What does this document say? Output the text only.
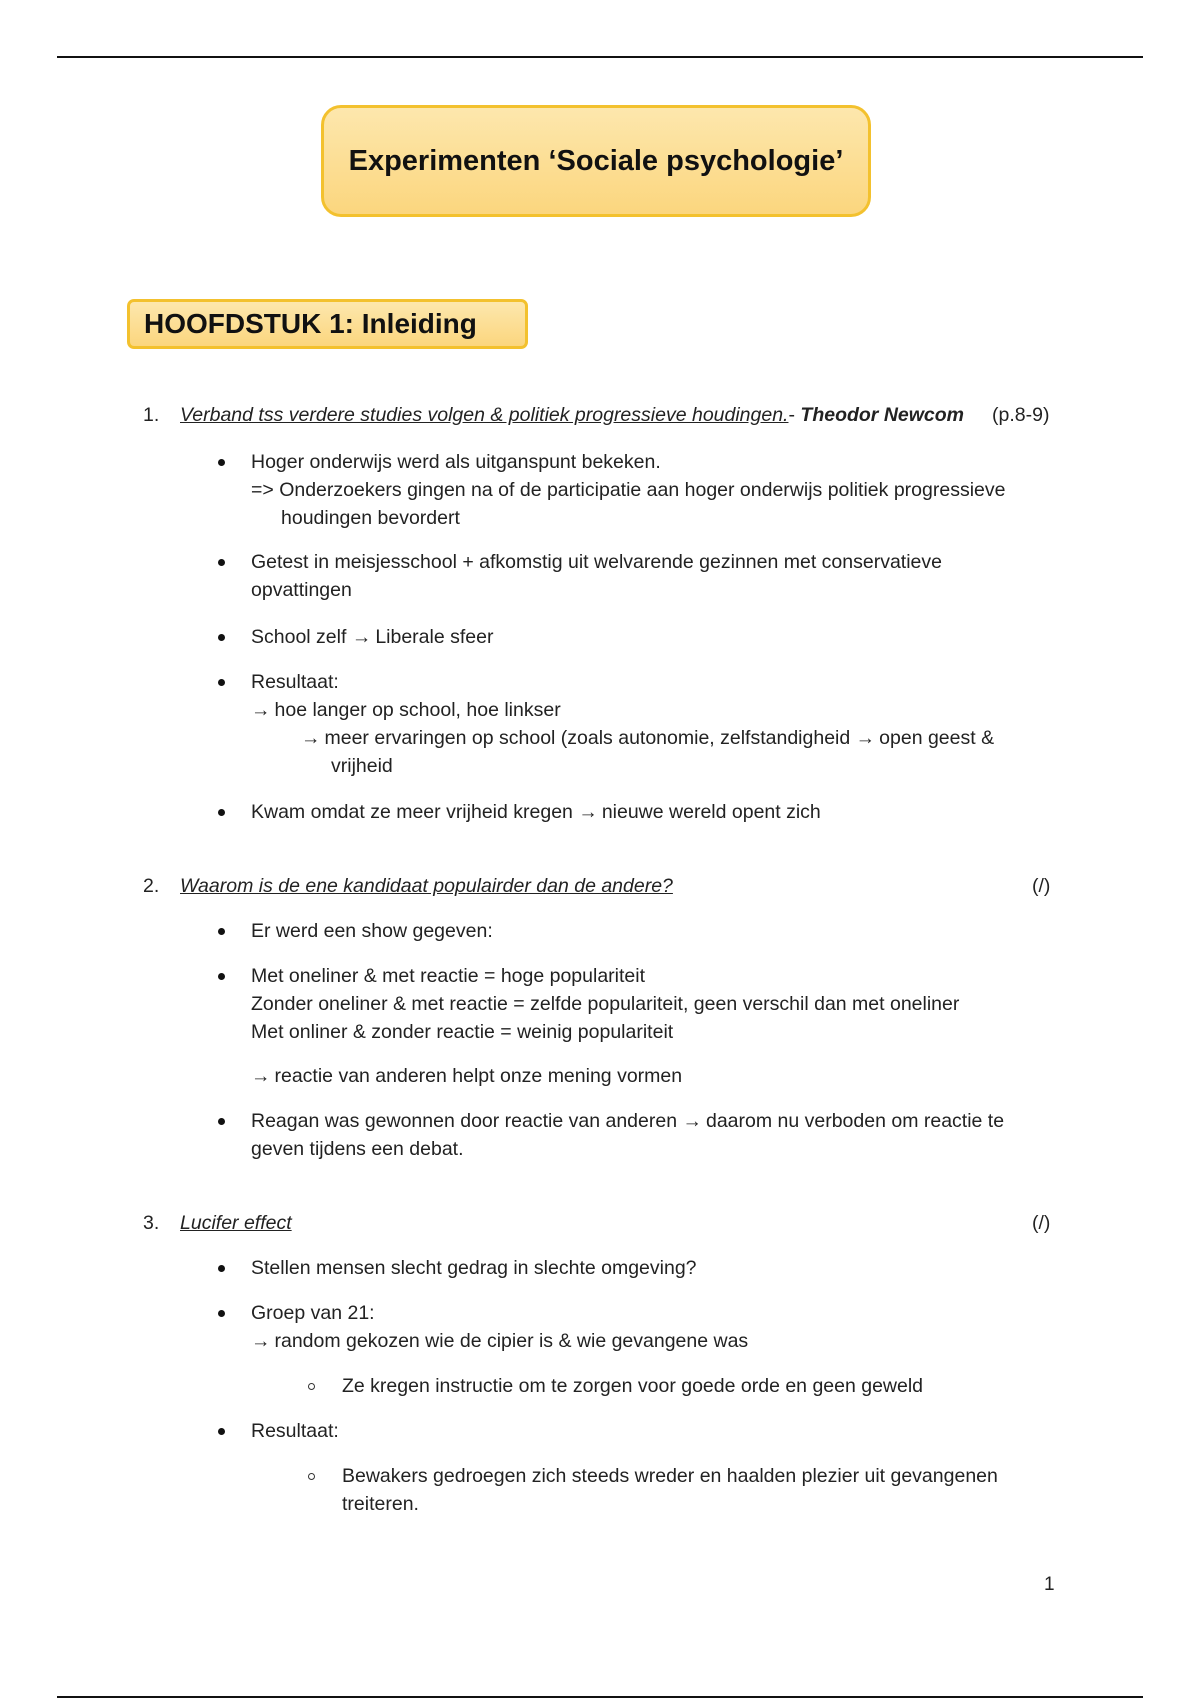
Experimenten ‘Sociale psychologie’
HOOFDSTUK 1: Inleiding
1. Verband tss verdere studies volgen & politiek progressieve houdingen.- Theodor Newcom (p.8-9)
Hoger onderwijs werd als uitganspunt bekeken.
=> Onderzoekers gingen na of de participatie aan hoger onderwijs politiek progressieve
houdingen bevordert
Getest in meisjesschool + afkomstig uit welvarende gezinnen met conservatieve
opvattingen
School zelf → Liberale sfeer
Resultaat:
→ hoe langer op school, hoe linkser
→ meer ervaringen op school (zoals autonomie, zelfstandigheid → open geest &
vrijheid
Kwam omdat ze meer vrijheid kregen → nieuwe wereld opent zich
2. Waarom is de ene kandidaat populairder dan de andere?	(/)
Er werd een show gegeven:
Met oneliner & met reactie = hoge populariteit
Zonder oneliner & met reactie = zelfde populariteit, geen verschil dan met oneliner
Met onliner & zonder reactie = weinig populariteit
→ reactie van anderen helpt onze mening vormen
Reagan was gewonnen door reactie van anderen → daarom nu verboden om reactie te
geven tijdens een debat.
3. Lucifer effect	(/)
Stellen mensen slecht gedrag in slechte omgeving?
Groep van 21:
→ random gekozen wie de cipier is & wie gevangene was
Ze kregen instructie om te zorgen voor goede orde en geen geweld
Resultaat:
Bewakers gedroegen zich steeds wreder en haalden plezier uit gevangenen
treiteren.
1
